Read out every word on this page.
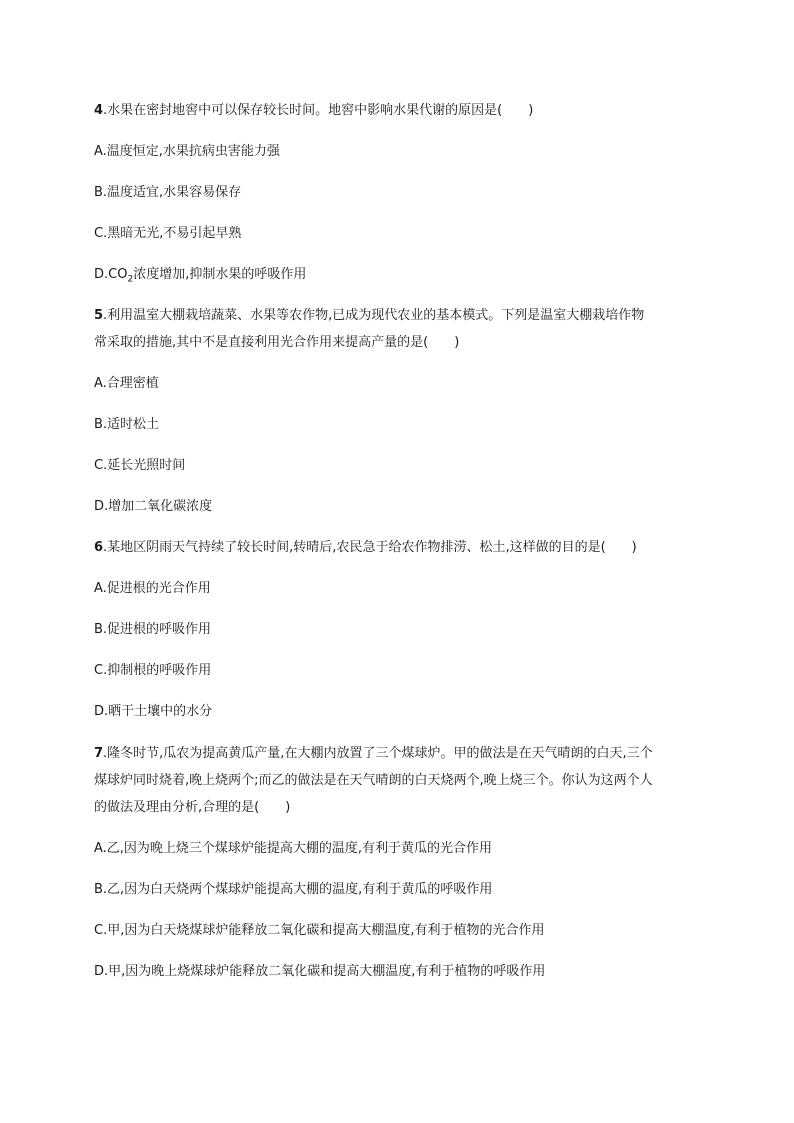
4.水果在密封地窖中可以保存较长时间。地窖中影响水果代谢的原因是(　　)
A.温度恒定,水果抗病虫害能力强
B.温度适宜,水果容易保存
C.黑暗无光,不易引起早熟
$D.CO_2$浓度增加,抑制水果的呼吸作用
5.利用温室大棚栽培蔬菜、水果等农作物,已成为现代农业的基本模式。下列是温室大棚栽培作物
常采取的措施,其中不是直接利用光合作用来提高产量的是(　　)
A.合理密植
B.适时松土
C.延长光照时间
D.增加二氧化碳浓度
6.某地区阴雨天气持续了较长时间,转晴后,农民急于给农作物排涝、松土,这样做的目的是(　　)
A.促进根的光合作用
B.促进根的呼吸作用
C.抑制根的呼吸作用
D.晒干土壤中的水分
7.隆冬时节,瓜农为提高黄瓜产量,在大棚内放置了三个煤球炉。甲的做法是在天气晴朗的白天,三个
煤球炉同时烧着,晚上烧两个;而乙的做法是在天气晴朗的白天烧两个,晚上烧三个。你认为这两个人
的做法及理由分析,合理的是(　　)
A.乙,因为晚上烧三个煤球炉能提高大棚的温度,有利于黄瓜的光合作用
B.乙,因为白天烧两个煤球炉能提高大棚的温度,有利于黄瓜的呼吸作用
C.甲,因为白天烧煤球炉能释放二氧化碳和提高大棚温度,有利于植物的光合作用
D.甲,因为晚上烧煤球炉能释放二氧化碳和提高大棚温度,有利于植物的呼吸作用
